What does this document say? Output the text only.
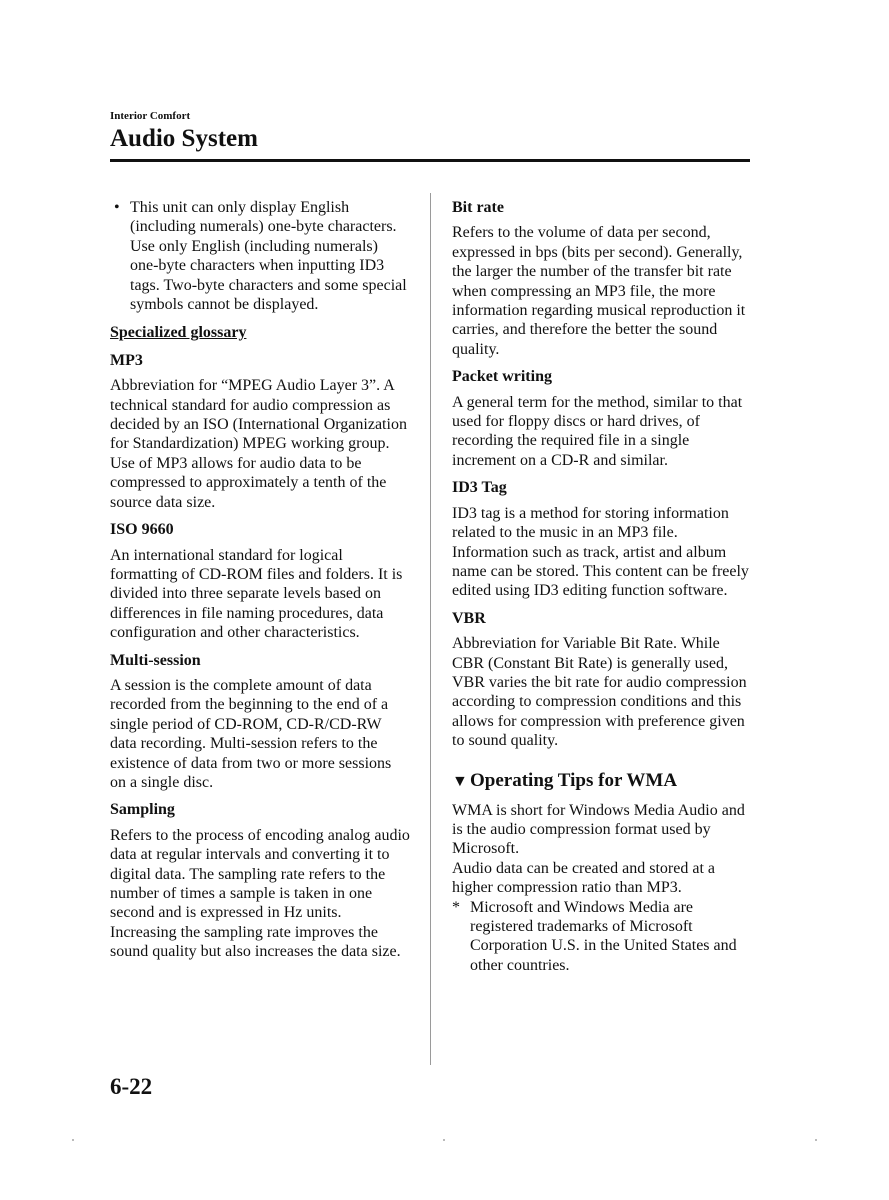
Interior Comfort
Audio System

• This unit can only display English (including numerals) one-byte characters. Use only English (including numerals) one-byte characters when inputting ID3 tags. Two-byte characters and some special symbols cannot be displayed.

Specialized glossary

MP3

Abbreviation for “MPEG Audio Layer 3”. A technical standard for audio compression as decided by an ISO (International Organization for Standardization) MPEG working group. Use of MP3 allows for audio data to be compressed to approximately a tenth of the source data size.

ISO 9660

An international standard for logical formatting of CD-ROM files and folders. It is divided into three separate levels based on differences in file naming procedures, data configuration and other characteristics.

Multi-session

A session is the complete amount of data recorded from the beginning to the end of a single period of CD-ROM, CD-R/CD-RW data recording. Multi-session refers to the existence of data from two or more sessions on a single disc.

Sampling

Refers to the process of encoding analog audio data at regular intervals and converting it to digital data. The sampling rate refers to the number of times a sample is taken in one second and is expressed in Hz units. Increasing the sampling rate improves the sound quality but also increases the data size.

Bit rate

Refers to the volume of data per second, expressed in bps (bits per second). Generally, the larger the number of the transfer bit rate when compressing an MP3 file, the more information regarding musical reproduction it carries, and therefore the better the sound quality.

Packet writing

A general term for the method, similar to that used for floppy discs or hard drives, of recording the required file in a single increment on a CD-R and similar.

ID3 Tag

ID3 tag is a method for storing information related to the music in an MP3 file. Information such as track, artist and album name can be stored. This content can be freely edited using ID3 editing function software.

VBR

Abbreviation for Variable Bit Rate. While CBR (Constant Bit Rate) is generally used, VBR varies the bit rate for audio compression according to compression conditions and this allows for compression with preference given to sound quality.

▼ Operating Tips for WMA

WMA is short for Windows Media Audio and is the audio compression format used by Microsoft.

Audio data can be created and stored at a higher compression ratio than MP3.

* Microsoft and Windows Media are registered trademarks of Microsoft Corporation U.S. in the United States and other countries.

6-22
